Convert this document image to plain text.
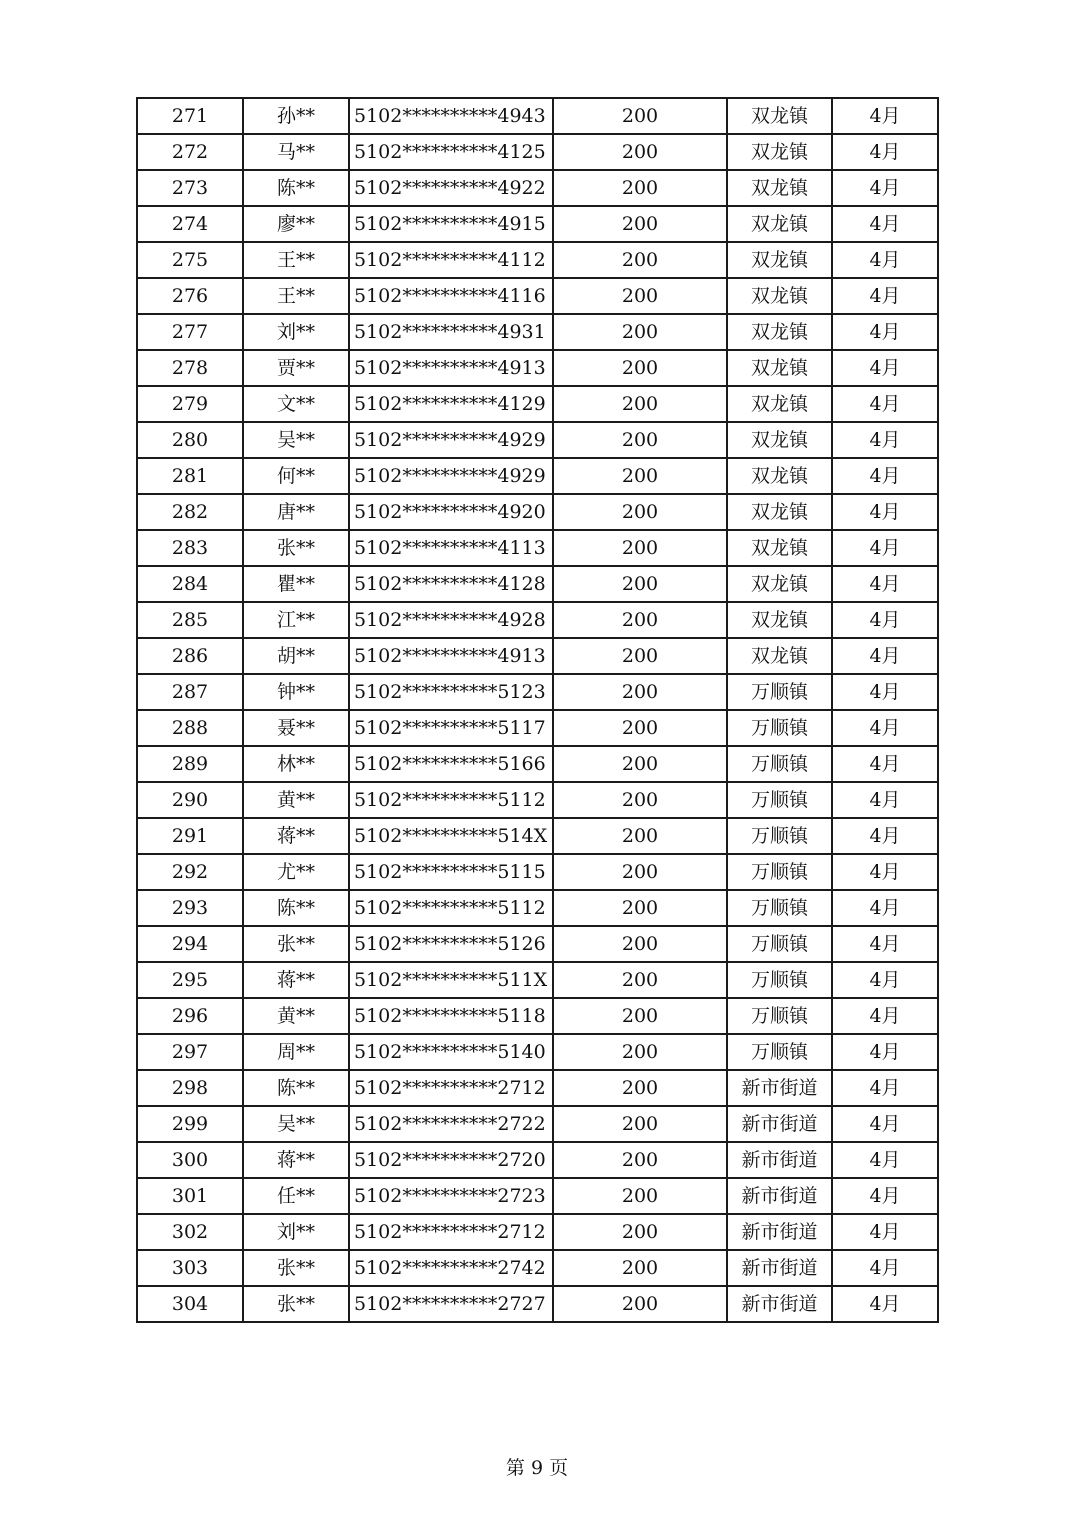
271	孙**	5102**********4943	200	双龙镇	4月
272	马**	5102**********4125	200	双龙镇	4月
273	陈**	5102**********4922	200	双龙镇	4月
274	廖**	5102**********4915	200	双龙镇	4月
275	王**	5102**********4112	200	双龙镇	4月
276	王**	5102**********4116	200	双龙镇	4月
277	刘**	5102**********4931	200	双龙镇	4月
278	贾**	5102**********4913	200	双龙镇	4月
279	文**	5102**********4129	200	双龙镇	4月
280	吴**	5102**********4929	200	双龙镇	4月
281	何**	5102**********4929	200	双龙镇	4月
282	唐**	5102**********4920	200	双龙镇	4月
283	张**	5102**********4113	200	双龙镇	4月
284	瞿**	5102**********4128	200	双龙镇	4月
285	江**	5102**********4928	200	双龙镇	4月
286	胡**	5102**********4913	200	双龙镇	4月
287	钟**	5102**********5123	200	万顺镇	4月
288	聂**	5102**********5117	200	万顺镇	4月
289	林**	5102**********5166	200	万顺镇	4月
290	黄**	5102**********5112	200	万顺镇	4月
291	蒋**	5102**********514X	200	万顺镇	4月
292	尤**	5102**********5115	200	万顺镇	4月
293	陈**	5102**********5112	200	万顺镇	4月
294	张**	5102**********5126	200	万顺镇	4月
295	蒋**	5102**********511X	200	万顺镇	4月
296	黄**	5102**********5118	200	万顺镇	4月
297	周**	5102**********5140	200	万顺镇	4月
298	陈**	5102**********2712	200	新市街道	4月
299	吴**	5102**********2722	200	新市街道	4月
300	蒋**	5102**********2720	200	新市街道	4月
301	任**	5102**********2723	200	新市街道	4月
302	刘**	5102**********2712	200	新市街道	4月
303	张**	5102**********2742	200	新市街道	4月
304	张**	5102**********2727	200	新市街道	4月
第 9 页
